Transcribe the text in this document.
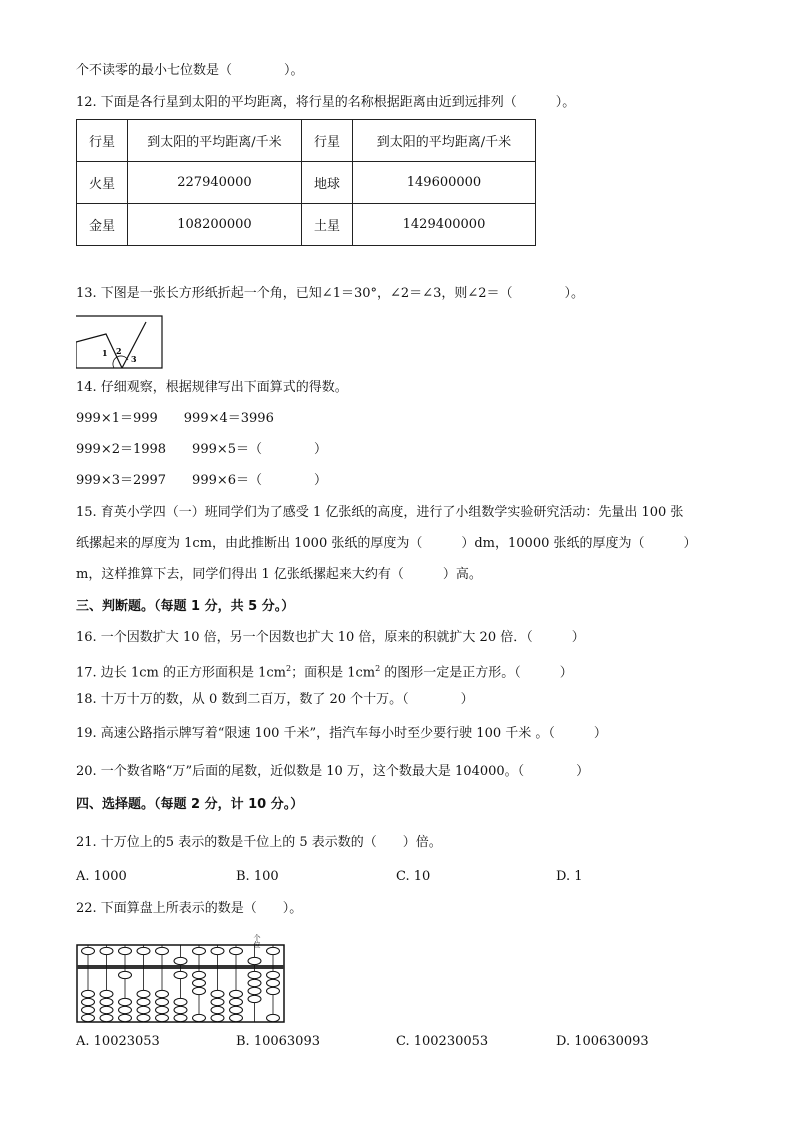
个不读零的最小七位数是（　　　　）。
12. 下面是各行星到太阳的平均距离，将行星的名称根据距离由近到远排列（　　　）。
行星	到太阳的平均距离/千米	行星	到太阳的平均距离/千米
火星	227940000	地球	149600000
金星	108200000	土星	1429400000
13. 下图是一张长方形纸折起一个角，已知∠1＝30°，∠2＝∠3，则∠2＝（　　　　）。
1 2
3
14. 仔细观察，根据规律写出下面算式的得数。
999×1＝999　　999×4＝3996
999×2＝1998　　999×5＝（　　　　）
999×3＝2997　　999×6＝（　　　　）
15. 育英小学四（一）班同学们为了感受 1 亿张纸的高度，进行了小组数学实验研究活动：先量出 100 张
纸摞起来的厚度为 1cm，由此推断出 1000 张纸的厚度为（　　　）dm，10000 张纸的厚度为（　　　）
m，这样推算下去，同学们得出 1 亿张纸摞起来大约有（　　　）高。
三、判断题。（每题 1 分，共 5 分。）
16. 一个因数扩大 10 倍，另一个因数也扩大 10 倍，原来的积就扩大 20 倍．（　　　）
17. 边长 1cm 的正方形面积是 $1cm^2$；面积是 $1cm^2$ 的图形一定是正方形。（　　　）
18. 十万十万的数，从 0 数到二百万，数了 20 个十万。（　　　　）
19. 高速公路指示牌写着“限速 100 千米”，指汽车每小时至少要行驶 100 千米 。（　　　）
20. 一个数省略“万”后面的尾数，近似数是 10 万，这个数最大是 104000。（　　　　）
四、选择题。（每题 2 分，计 10 分。）
21. 十万位上的5 表示的数是千位上的 5 表示数的（　　）倍。
A. 1000	B. 100	C. 10	D. 1
22. 下面算盘上所表示的数是（　　）。
个位
A. 10023053	B. 10063093	C. 100230053	D. 100630093
